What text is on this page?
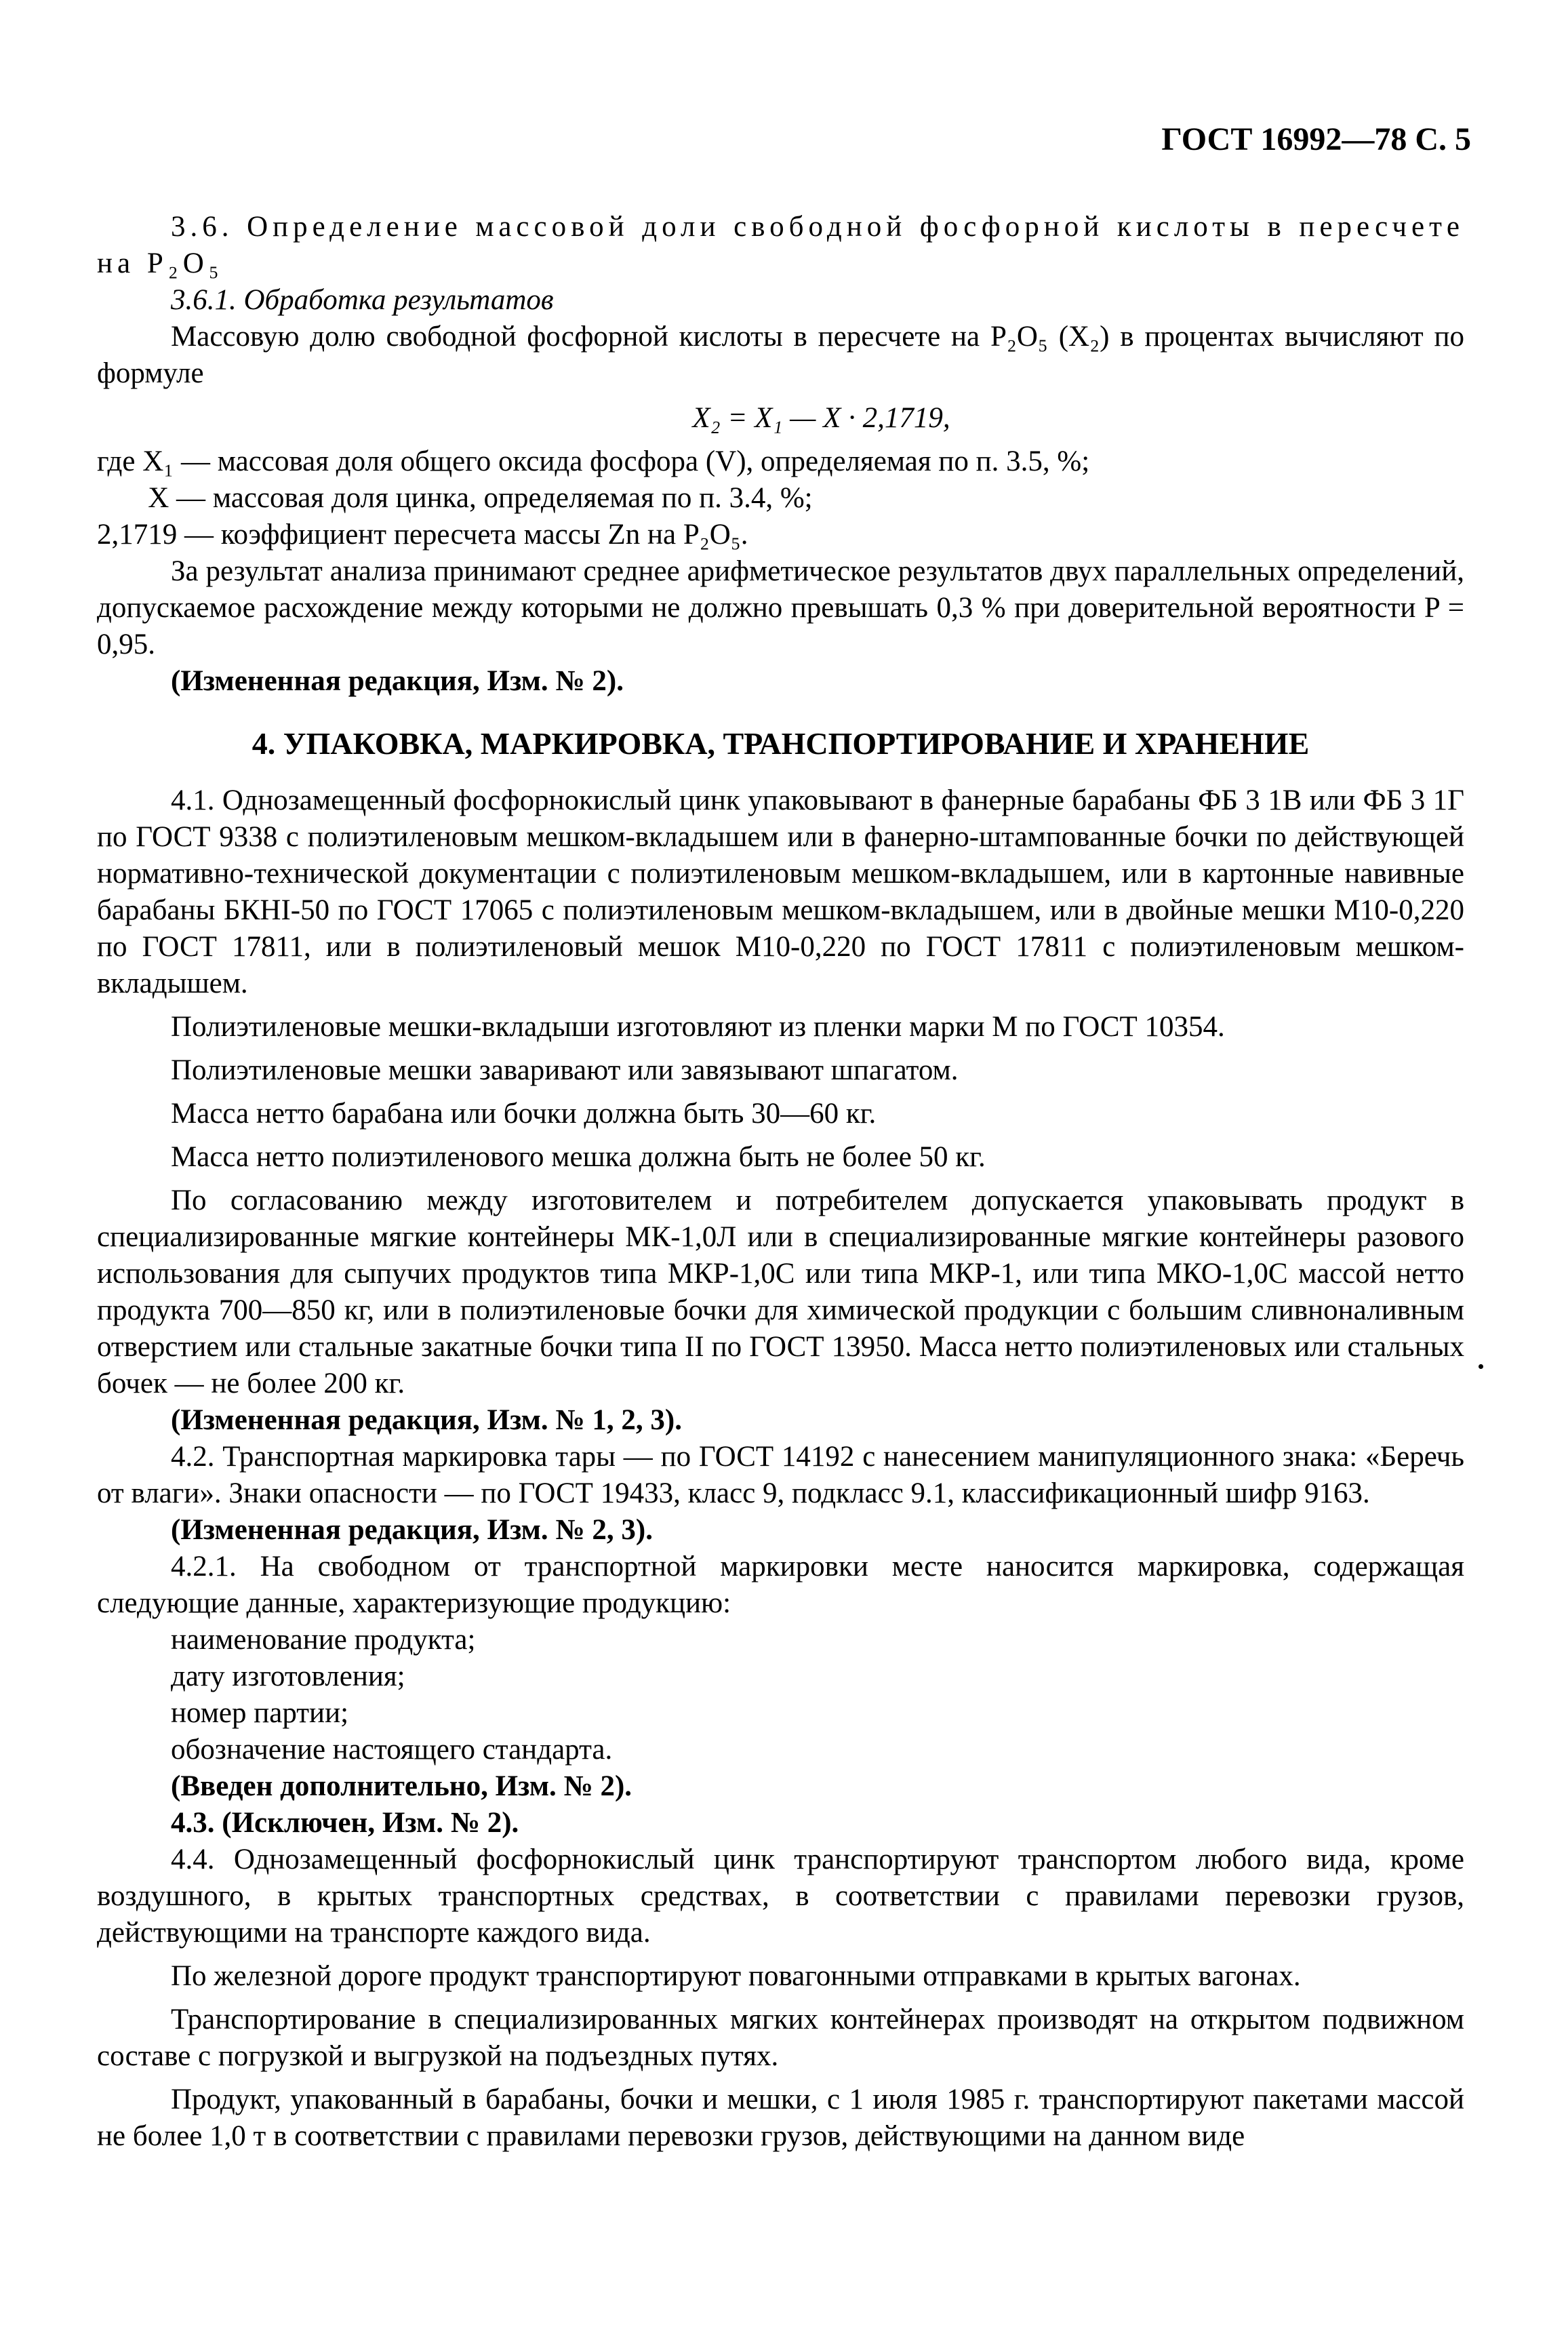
ГОСТ 16992—78 С. 5

3.6. Определение массовой доли свободной фосфорной кислоты в пересчете на P₂O₅

3.6.1. Обработка результатов

Массовую долю свободной фосфорной кислоты в пересчете на P₂O₅ (X₂) в процентах вычисляют по формуле

X₂ = X₁ — X · 2,1719,

где X₁ — массовая доля общего оксида фосфора (V), определяемая по п. 3.5, %;
X — массовая доля цинка, определяемая по п. 3.4, %;
2,1719 — коэффициент пересчета массы Zn на P₂O₅.

За результат анализа принимают среднее арифметическое результатов двух параллельных определений, допускаемое расхождение между которыми не должно превышать 0,3 % при доверительной вероятности P = 0,95.

(Измененная редакция, Изм. № 2).

4. УПАКОВКА, МАРКИРОВКА, ТРАНСПОРТИРОВАНИЕ И ХРАНЕНИЕ

4.1. Однозамещенный фосфорнокислый цинк упаковывают в фанерные барабаны ФБ 3 1В или ФБ 3 1Г по ГОСТ 9338 с полиэтиленовым мешком-вкладышем или в фанерно-штампованные бочки по действующей нормативно-технической документации с полиэтиленовым мешком-вкладышем, или в картонные навивные барабаны БКНI-50 по ГОСТ 17065 с полиэтиленовым мешком-вкладышем, или в двойные мешки М10-0,220 по ГОСТ 17811, или в полиэтиленовый мешок М10-0,220 по ГОСТ 17811 с полиэтиленовым мешком-вкладышем.

Полиэтиленовые мешки-вкладыши изготовляют из пленки марки М по ГОСТ 10354.

Полиэтиленовые мешки заваривают или завязывают шпагатом.

Масса нетто барабана или бочки должна быть 30—60 кг.

Масса нетто полиэтиленового мешка должна быть не более 50 кг.

По согласованию между изготовителем и потребителем допускается упаковывать продукт в специализированные мягкие контейнеры МК-1,0Л или в специализированные мягкие контейнеры разового использования для сыпучих продуктов типа МКР-1,0С или типа МКР-1, или типа МКО-1,0С массой нетто продукта 700—850 кг, или в полиэтиленовые бочки для химической продукции с большим сливноналивным отверстием или стальные закатные бочки типа II по ГОСТ 13950. Масса нетто полиэтиленовых или стальных бочек — не более 200 кг.

(Измененная редакция, Изм. № 1, 2, 3).

4.2. Транспортная маркировка тары — по ГОСТ 14192 с нанесением манипуляционного знака: «Беречь от влаги». Знаки опасности — по ГОСТ 19433, класс 9, подкласс 9.1, классификационный шифр 9163.

(Измененная редакция, Изм. № 2, 3).

4.2.1. На свободном от транспортной маркировки месте наносится маркировка, содержащая следующие данные, характеризующие продукцию:

наименование продукта;

дату изготовления;

номер партии;

обозначение настоящего стандарта.

(Введен дополнительно, Изм. № 2).

4.3. (Исключен, Изм. № 2).

4.4. Однозамещенный фосфорнокислый цинк транспортируют транспортом любого вида, кроме воздушного, в крытых транспортных средствах, в соответствии с правилами перевозки грузов, действующими на транспорте каждого вида.

По железной дороге продукт транспортируют повагонными отправками в крытых вагонах.

Транспортирование в специализированных мягких контейнерах производят на открытом подвижном составе с погрузкой и выгрузкой на подъездных путях.

Продукт, упакованный в барабаны, бочки и мешки, с 1 июля 1985 г. транспортируют пакетами массой не более 1,0 т в соответствии с правилами перевозки грузов, действующими на данном виде
